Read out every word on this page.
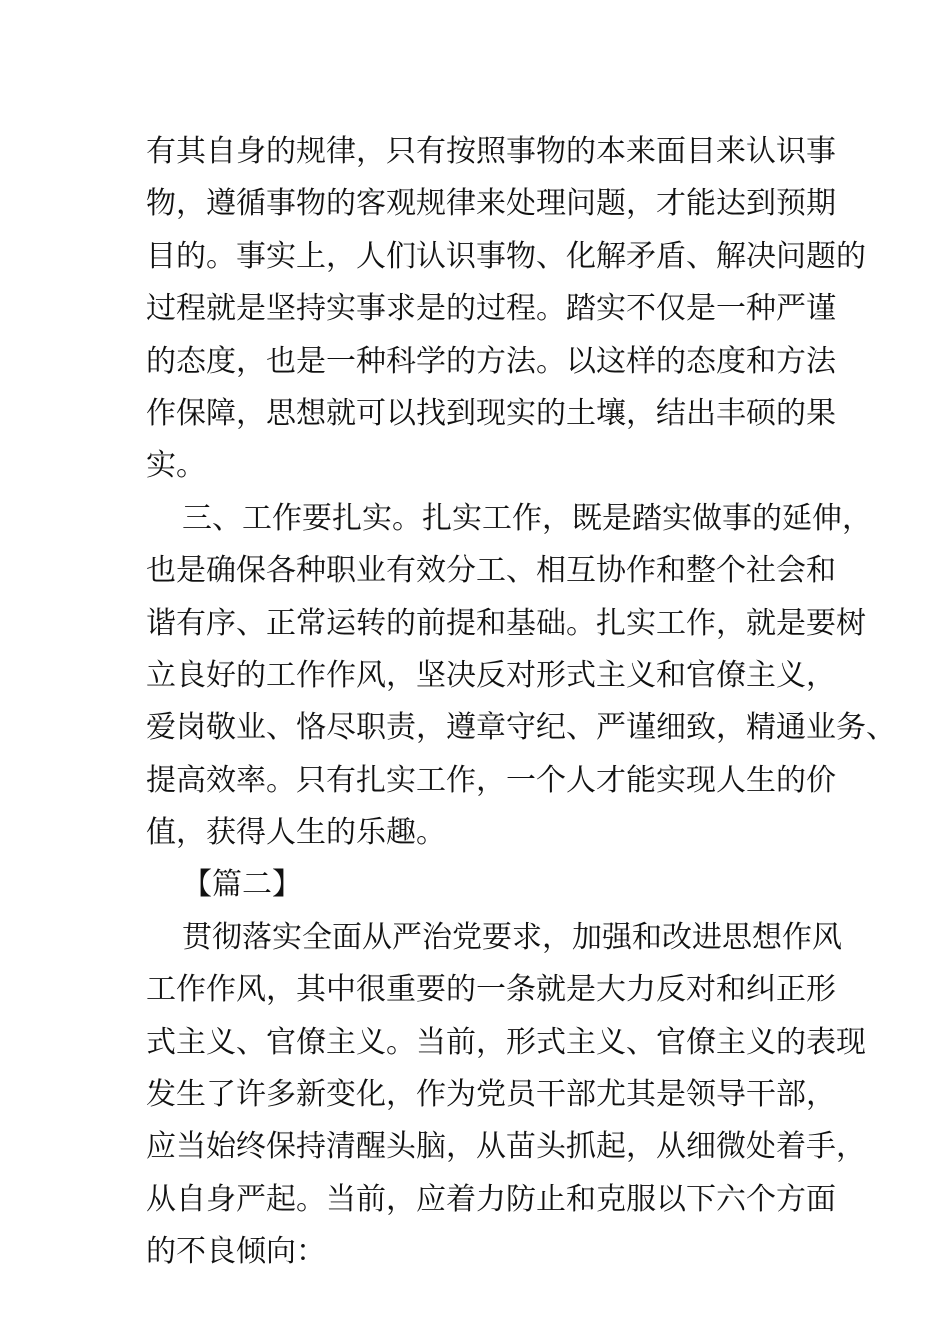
有其自身的规律，只有按照事物的本来面目来认识事
物，遵循事物的客观规律来处理问题，才能达到预期
目的。事实上，人们认识事物、化解矛盾、解决问题的
过程就是坚持实事求是的过程。踏实不仅是一种严谨
的态度，也是一种科学的方法。以这样的态度和方法
作保障，思想就可以找到现实的土壤，结出丰硕的果
实。
三、工作要扎实。扎实工作，既是踏实做事的延伸，
也是确保各种职业有效分工、相互协作和整个社会和
谐有序、正常运转的前提和基础。扎实工作，就是要树
立良好的工作作风，坚决反对形式主义和官僚主义，
爱岗敬业、恪尽职责，遵章守纪、严谨细致，精通业务、
提高效率。只有扎实工作，一个人才能实现人生的价
值，获得人生的乐趣。
【篇二】
贯彻落实全面从严治党要求，加强和改进思想作风
工作作风，其中很重要的一条就是大力反对和纠正形
式主义、官僚主义。当前，形式主义、官僚主义的表现
发生了许多新变化，作为党员干部尤其是领导干部，
应当始终保持清醒头脑，从苗头抓起，从细微处着手，
从自身严起。当前，应着力防止和克服以下六个方面
的不良倾向：
